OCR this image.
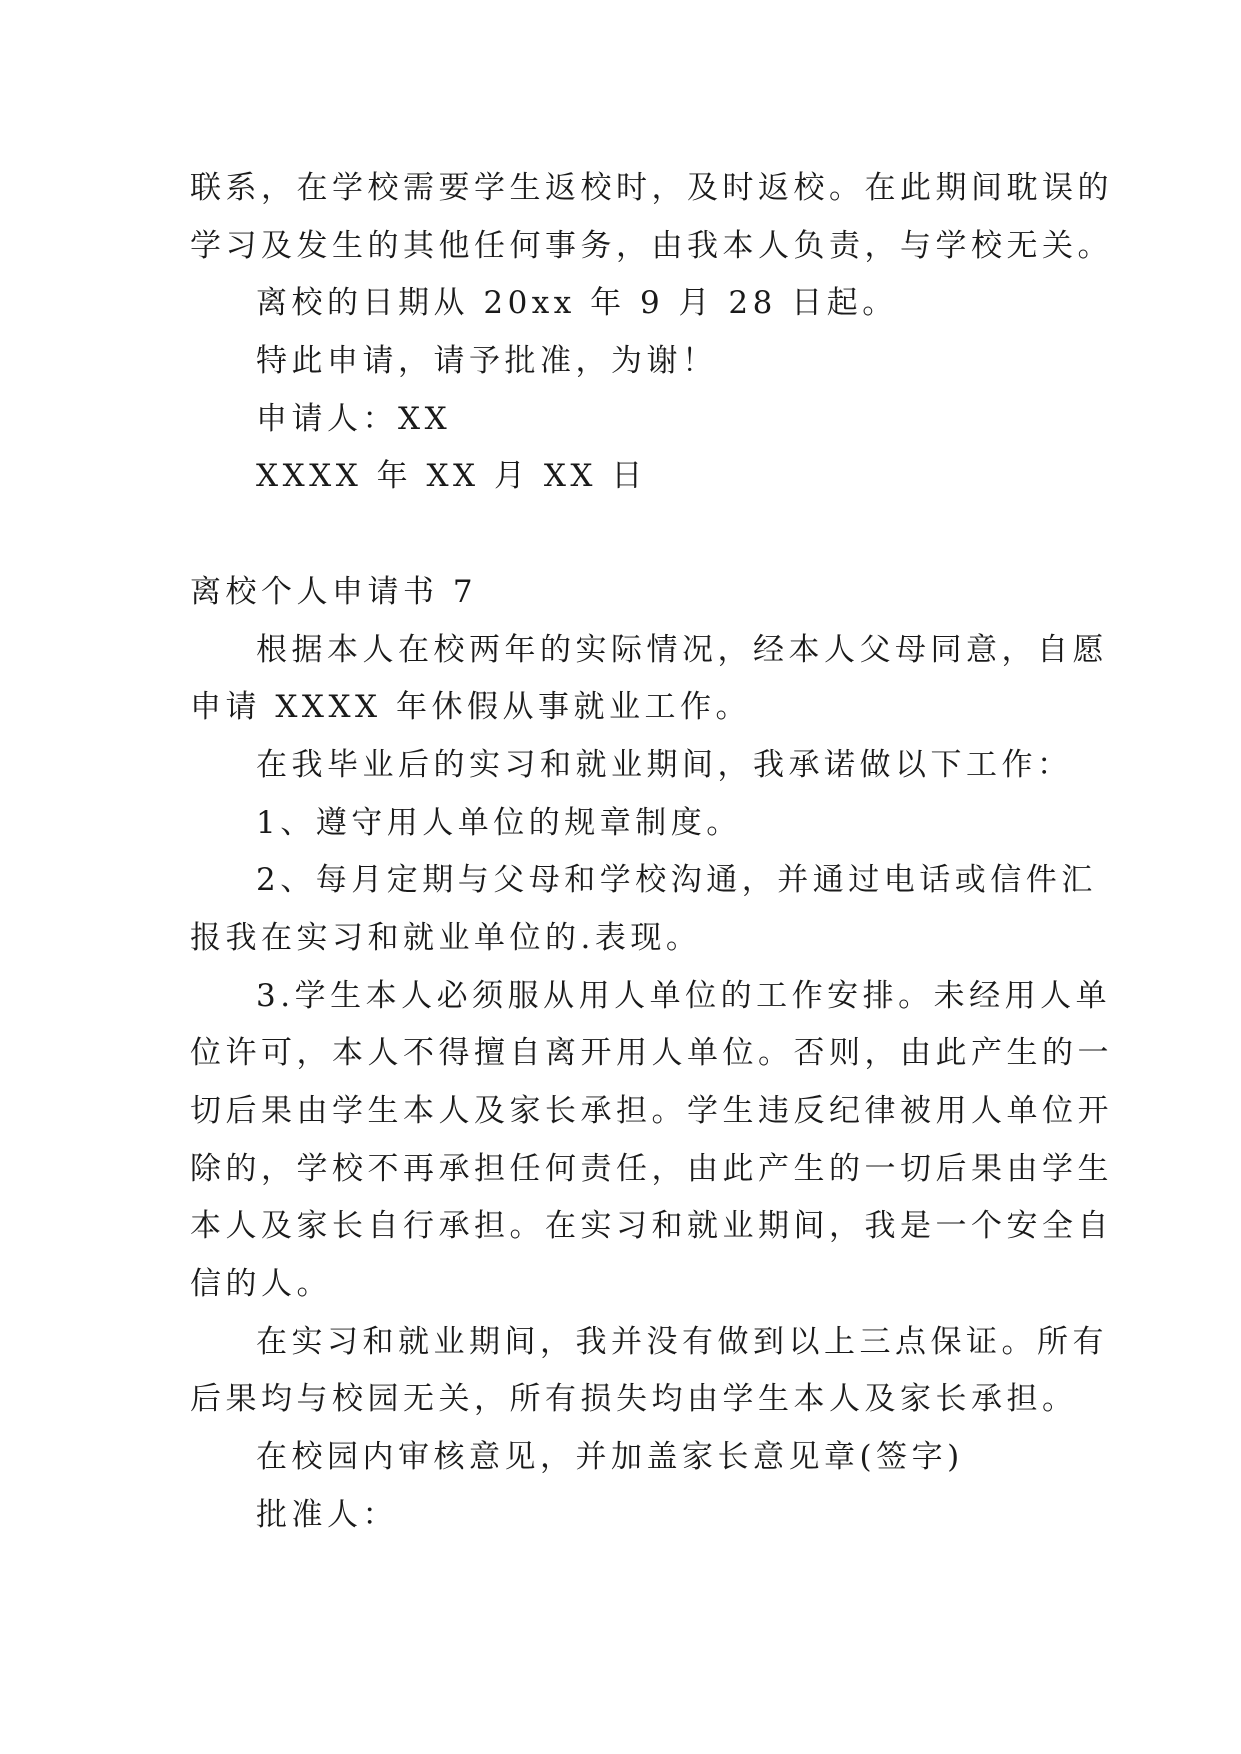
联系，在学校需要学生返校时，及时返校。在此期间耽误的
学习及发生的其他任何事务，由我本人负责，与学校无关。
离校的日期从 20xx 年 9 月 28 日起。
特此申请，请予批准，为谢！
申请人：XX
XXXX 年 XX 月 XX 日
离校个人申请书 7
根据本人在校两年的实际情况，经本人父母同意，自愿
申请 XXXX 年休假从事就业工作。
在我毕业后的实习和就业期间，我承诺做以下工作：
1、遵守用人单位的规章制度。
2、每月定期与父母和学校沟通，并通过电话或信件汇
报我在实习和就业单位的.表现。
3.学生本人必须服从用人单位的工作安排。未经用人单
位许可，本人不得擅自离开用人单位。否则，由此产生的一
切后果由学生本人及家长承担。学生违反纪律被用人单位开
除的，学校不再承担任何责任，由此产生的一切后果由学生
本人及家长自行承担。在实习和就业期间，我是一个安全自
信的人。
在实习和就业期间，我并没有做到以上三点保证。所有
后果均与校园无关，所有损失均由学生本人及家长承担。
在校园内审核意见，并加盖家长意见章(签字)
批准人：
